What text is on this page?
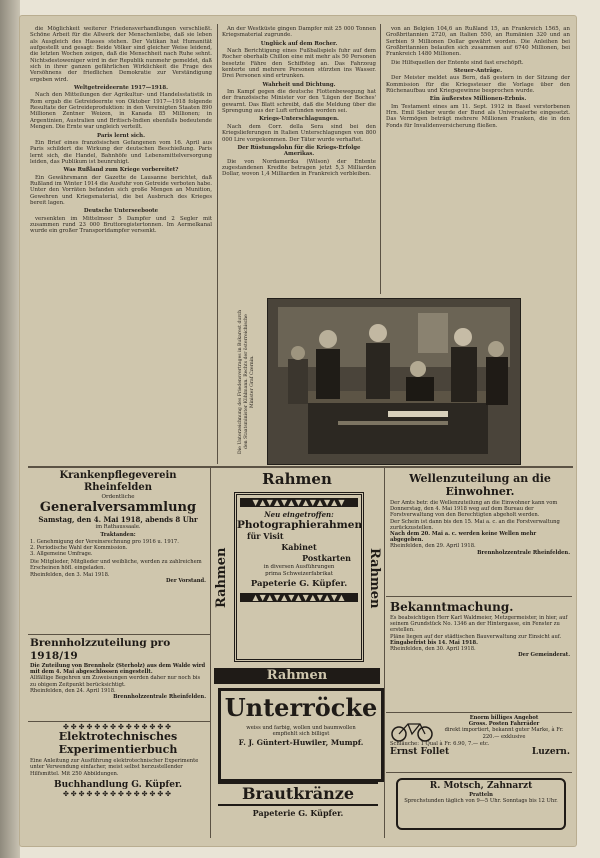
die Möglichkeit weiterer Friedensverhandlungen verschließt. Schöne Arbeit für die Allwerk der Menschenliebe, daß sie leben als Ausgleich des Hasses stehen. Der Vatikan hat Humanität aufgestellt und gesagt: Beide Völker sind gleicher Weise leidend, die letzten Wochen zeigen, daß die Menschheit nach Ruhe sehnt. Nichtsdestoweniger wird in der Republik nunmehr gemeldet, daß sich in ihrer ganzen gefährlichen Wirklichkeit die Frage des Versöhnens der friedlichen Demokratie zur Verständigung ergeben wird.

Weltgetreideernte 1917—1918.

Nach den Mitteilungen der Agrikultur- und Handelsstatistik in Rom ergab die Getreideernte von Oktober 1917—1918 folgende Resultate der Getreideproduktion: in den Vereinigten Staaten 890 Millionen Zentner Weizen, in Kanada 85 Millionen; in Argentinien, Australien und Britisch-Indien ebenfalls bedeutende Mengen. Die Ernte war ungleich verteilt.

Paris lernt sich.

Ein Brief eines französischen Gefangenen vom 16. April aus Paris schildert die Wirkung der deutschen Beschießung. Paris lernt sich, die Handel, Bahnhöfe und Lebensmittelversorgung leiden, das Publikum ist beunruhigt.

Was Rußland zum Kriege vorbereitet?

Ein Gewährsmann der Gazette de Lausanne berichtet, daß Rußland im Winter 1914 die Ausfuhr von Getreide verboten habe. Unter den Vorräten befanden sich große Mengen an Munition, Gewehren und Kriegsmaterial, die bei Ausbruch des Krieges bereit lagen.

Deutsche Unterseeboote

versenkten im Mittelmeer 5 Dampfer und 2 Segler mit zusammen rund 23 000 Bruttoregistertonnen. Im Aermelkanal wurde ein großer Transportdampfer versenkt.

An der Westküste gingen Dampfer mit 25 000 Tonnen Kriegsmaterial zugrunde.

Unglück auf dem Rocher.

Nach Berichtigung eines Fußballspiels fuhr auf dem Rocher oberhalb Chillon eine mit mehr als 50 Personen besetzte Fähre den Schiffsteg an. Das Fahrzeug kenterte und mehrere Personen stürzten ins Wasser. Drei Personen sind ertrunken.

Wahrheit und Dichtung.

Im Kampf gegen die deutsche Flottenbewegung hat der französische Minister vor den 'Lügen der Boches' gewarnt. Das Blatt schreibt, daß die Meldung über die Sprengung aus der Luft erfunden worden sei.

Kriegs-Unterschlagungen.

Nach dem Corr. della Sera sind bei den Kriegslieferungen in Italien Unterschlagungen von 800 000 Lire vorgekommen. Der Täter wurde verhaftet.

Der Rüstungslohn für die Kriegs-Erfolge Amerikas.

Die von Nordamerika (Wilson) der Entente zugestandenen Kredite betragen jetzt 5,3 Milliarden Dollar, wovon 1,4 Milliarden in Frankreich verbleiben.

von an Belgien 104,6 an Rußland 15, an Frankreich 1565, an Großbritannien 2720, an Italien 550, an Rumänien 320 und an Serbien 9 Millionen Dollar gewährt worden. Die Anleihen bei Großbritannien belaufen sich zusammen auf 6740 Millionen, bei Frankreich 1480 Millionen.

Die Hilfsquellen der Entente sind fast erschöpft.

Steuer-Anträge.

Der Meister meldet aus Bern, daß gestern in der Sitzung der Kommission für die Kriegssteuer die Vorlage über den Rüchenaufbau und Kriegsgewinne besprochen wurde.

Ein äußerstes Millionen-Erbnis.

Im Testament eines am 11. Sept. 1912 in Basel verstorbenen Hrn. Emil Sieber wurde der Bund als Universalerbe eingesetzt. Das Vermögen beträgt mehrere Millionen Franken, die in den Fonds für Invalidenversicherung fließen.

Die Unterzeichnung des Friedensvertrages in Bukarest durch den Staatsminister Kühlmann. Rechts der österreichische Minister Graf Czernin.
Krankenpflegeverein Rheinfelden
Ordentliche
Generalversammlung
Samstag, den 4. Mai 1918, abends 8 Uhr
im Rathaussaale.
Traktanden:
1. Genehmigung der Vereinsrechnung pro 1916 u. 1917.
2. Periodische Wahl der Kommission.
3. Allgemeine Umfrage.
Die Mitglieder, Mitglieder und weibliche, werden zu zahlreichem Erscheinen höfl. eingeladen.
Rheinfelden, den 3. Mai 1918.
Der Vorstand.
Brennholzzuteilung pro 1918/19
Die Zuteilung von Brennholz (Sterholz) aus dem Walde wird mit dem 4. Mai abgeschlossen eingestellt.
Allfällige Begehren um Zuweisungen werden daher nur noch bis zu obigem Zeitpunkt berücksichtigt.
Rheinfelden, den 24. April 1918.
Brennholzzentrale Rheinfelden.
✤✤✤✤✤✤✤✤✤✤✤✤✤✤
Elektrotechnisches Experimentierbuch
Eine Anleitung zur Ausführung elektrotechnischer Experimente unter Verwendung einfacher, meist selbst herzustellender Hilfsmittel. Mit 250 Abbildungen.
Buchhandlung G. Küpfer.
✤✤✤✤✤✤✤✤✤✤✤✤✤✤
Rahmen
Rahmen	Rahmen
▼▲▼▲▼▲▼▲▼▲▼▲▼
Neu eingetroffen:
Photographierahmen
für Visit
Kabinet
Postkarten
in diversen Ausführungen
prima Schweizerfabrikat
Papeterie G. Küpfer.
▲▼▲▼▲▼▲▼▲▼▲▼▲
Rahmen
Unterröcke
weiss und farbig, wollen und baumwollen
empfiehlt sich billigst
F. J. Güntert-Huwiler, Mumpf.
Brautkränze
Papeterie G. Küpfer.
Wellenzuteilung an die Einwohner.
Der Amts betr. die Wellenzuteilung an die Einwohner kann vom Donnerstag, den 4. Mai 1918 weg auf dem Bureau der Forstverwaltung von den Berechtigten abgeholt werden.
Der Schein ist dann bis den 15. Mai a. c. an die Forstverwaltung zurückzustellen.
Nach dem 20. Mai a. c. werden keine Wellen mehr abgegeben.
Rheinfelden, den 29. April 1918.
Brennholzzentrale Rheinfelden.
Bekanntmachung.
Es beabsichtigen Herr Karl Waldmeier, Metzgermeister, in hier, auf seinem Grundstück No. 1346 an der Hintergasse, ein Fenster zu erstellen.
Pläne liegen auf der städtischen Bauverwaltung zur Einsicht auf.
Eingabefrist bis 14. Mai 1918.
Rheinfelden, den 30. April 1918.
Der Gemeinderat.
Enorm billiges Angebot
Gross. Posten Fahrräder
direkt importiert, bekannt guter Marke, à Fr. 220.— exklusive
Schläuche: 1 Qual à Fr. 6.90, 7.— etc.
Ernst Follet	Luzern.
R. Motsch, Zahnarzt
Pratteln
Sprechstunden täglich von 9—5 Uhr. Sonntags bis 12 Uhr.
